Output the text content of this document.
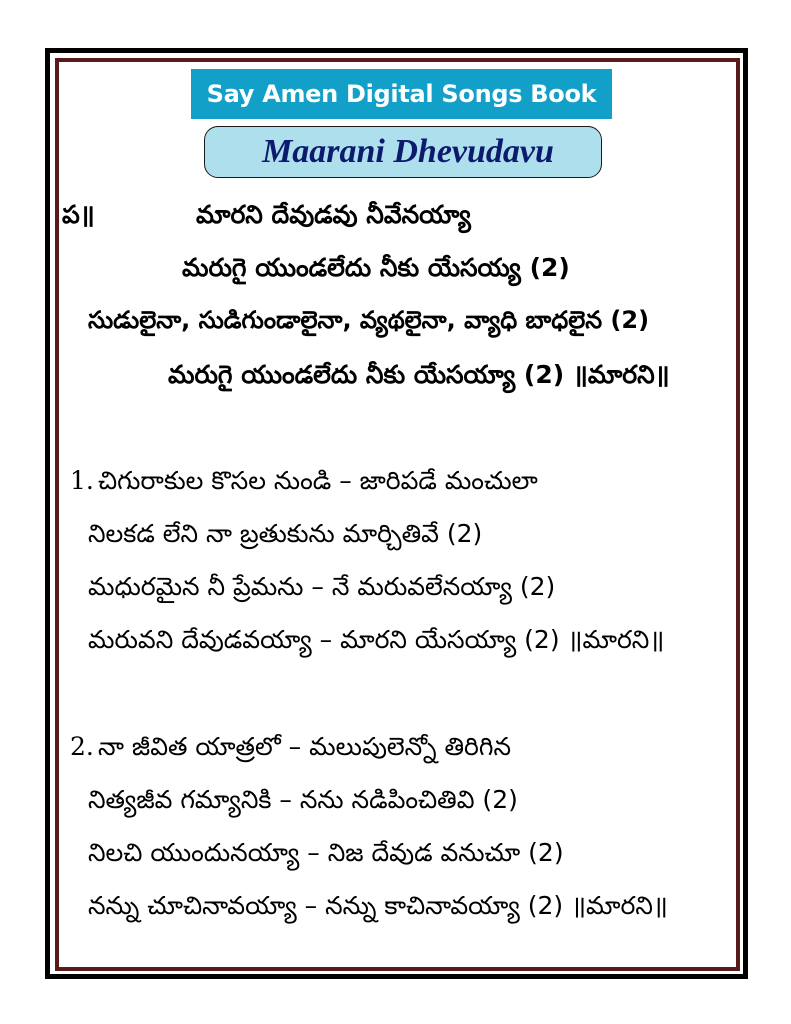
Say Amen Digital Songs Book
Maarani Dhevudavu
ప॥	మారని దేవుడవు నీవేనయ్యా
మరుగై యుండలేదు నీకు యేసయ్య (2)
సుడులైనా, సుడిగుండాలైనా, వ్యథలైనా, వ్యాధి బాధలైన (2)
మరుగై యుండలేదు నీకు యేసయ్యా (2) ॥మారని॥
1. చిగురాకుల కొసల నుండి – జారిపడే మంచులా
నిలకడ లేని నా బ్రతుకును మార్చితివే (2)
మధురమైన నీ ప్రేమను – నే మరువలేనయ్యా (2)
మరువని దేవుడవయ్యా – మారని యేసయ్యా (2) ॥మారని॥
2. నా జీవిత యాత్రలో – మలుపులెన్నో తిరిగిన
నిత్యజీవ గమ్యానికి – నను నడిపించితివి (2)
నిలచి యుందునయ్యా – నిజ దేవుడ వనుచూ (2)
నన్ను చూచినావయ్యా – నన్ను కాచినావయ్యా (2) ॥మారని॥
